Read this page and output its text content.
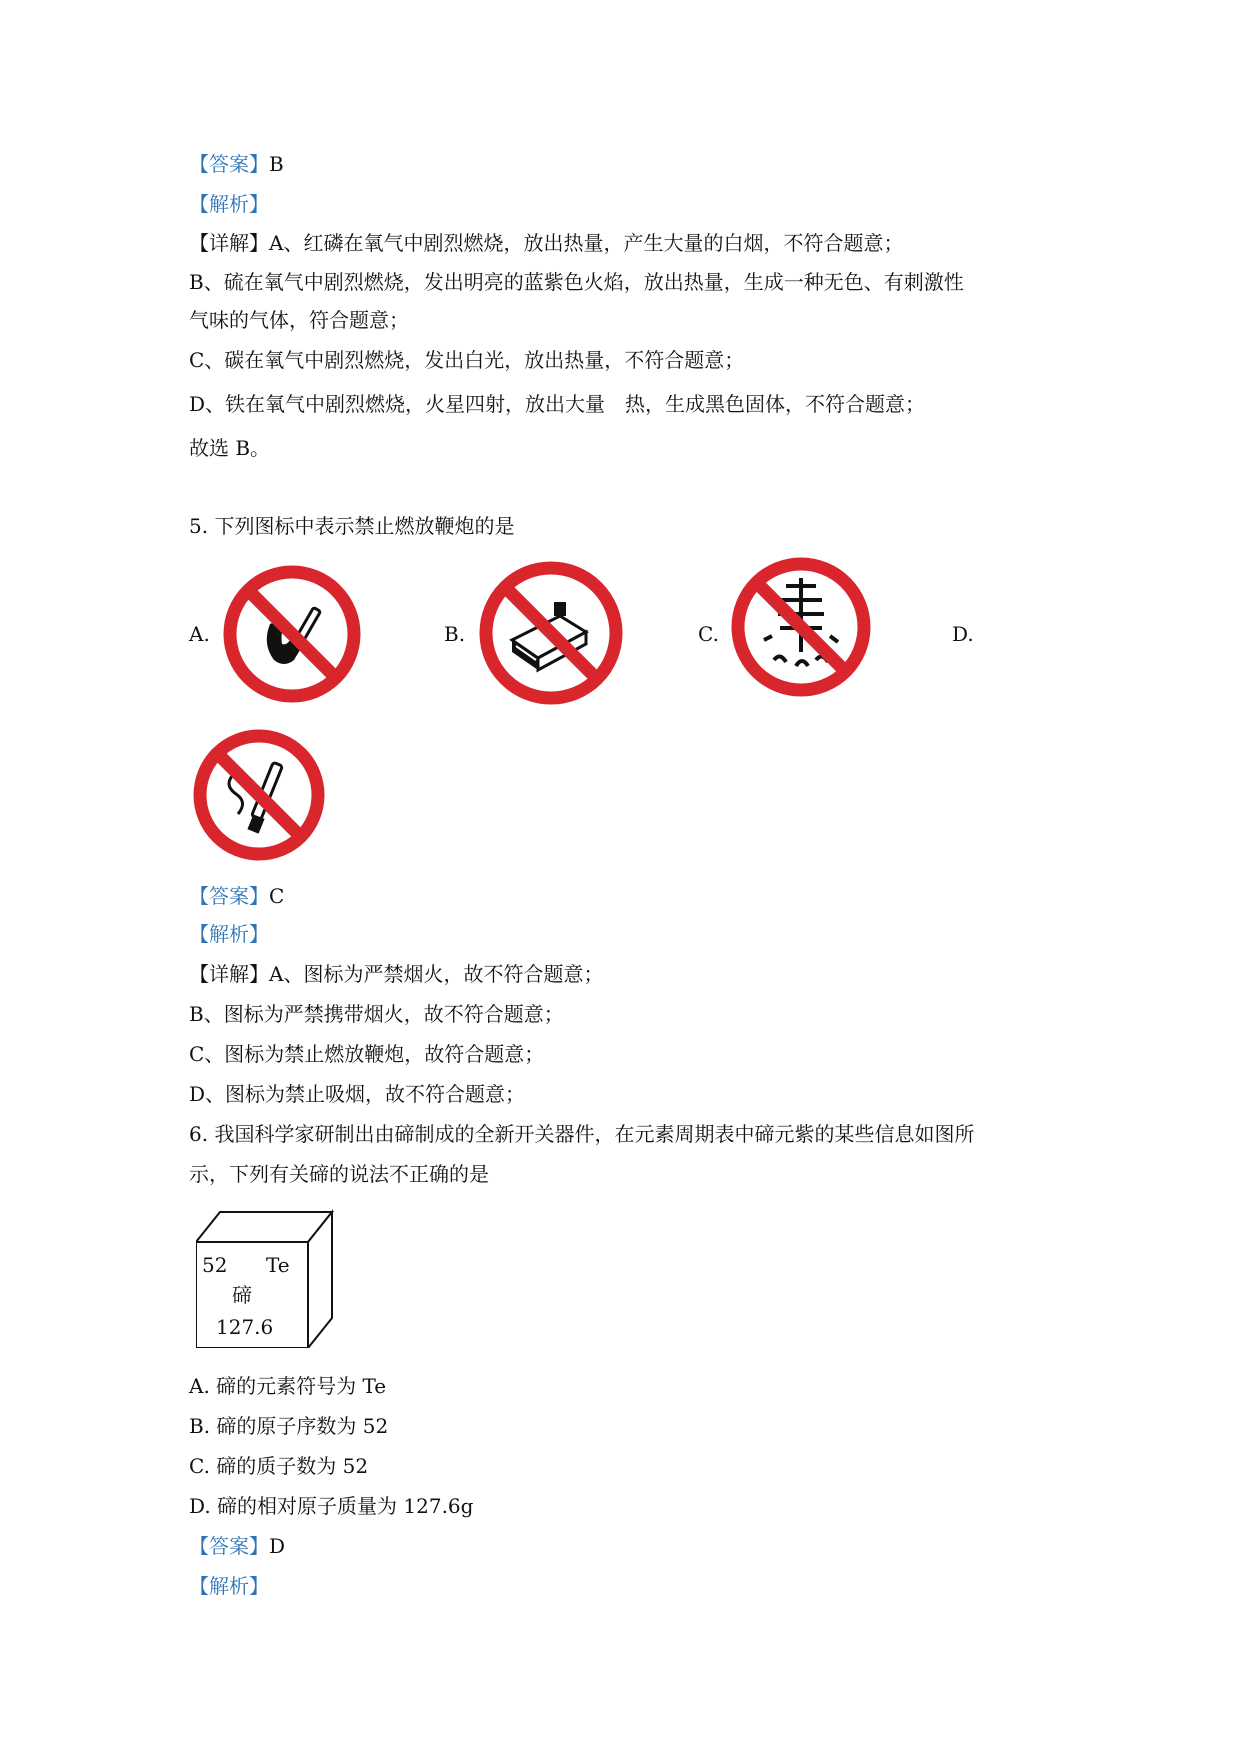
【答案】B
【解析】
【详解】A、红磷在氧气中剧烈燃烧，放出热量，产生大量的白烟，不符合题意；
B、硫在氧气中剧烈燃烧，发出明亮的蓝紫色火焰，放出热量，生成一种无色、有刺激性
气味的气体，符合题意；
C、碳在氧气中剧烈燃烧，发出白光，放出热量，不符合题意；
D、铁在氧气中剧烈燃烧，火星四射，放出大量　热，生成黑色固体，不符合题意；
故选 B。
5. 下列图标中表示禁止燃放鞭炮的是
A.	B.	C.	D.
【答案】C
【解析】
【详解】A、图标为严禁烟火，故不符合题意；
B、图标为严禁携带烟火，故不符合题意；
C、图标为禁止燃放鞭炮，故符合题意；
D、图标为禁止吸烟，故不符合题意；
6. 我国科学家研制出由碲制成的全新开关器件，在元素周期表中碲元紫的某些信息如图所
示，下列有关碲的说法不正确的是
52 Te
碲
127.6
A. 碲的元素符号为 Te
B. 碲的原子序数为 52
C. 碲的质子数为 52
D. 碲的相对原子质量为 127.6g
【答案】D
【解析】
